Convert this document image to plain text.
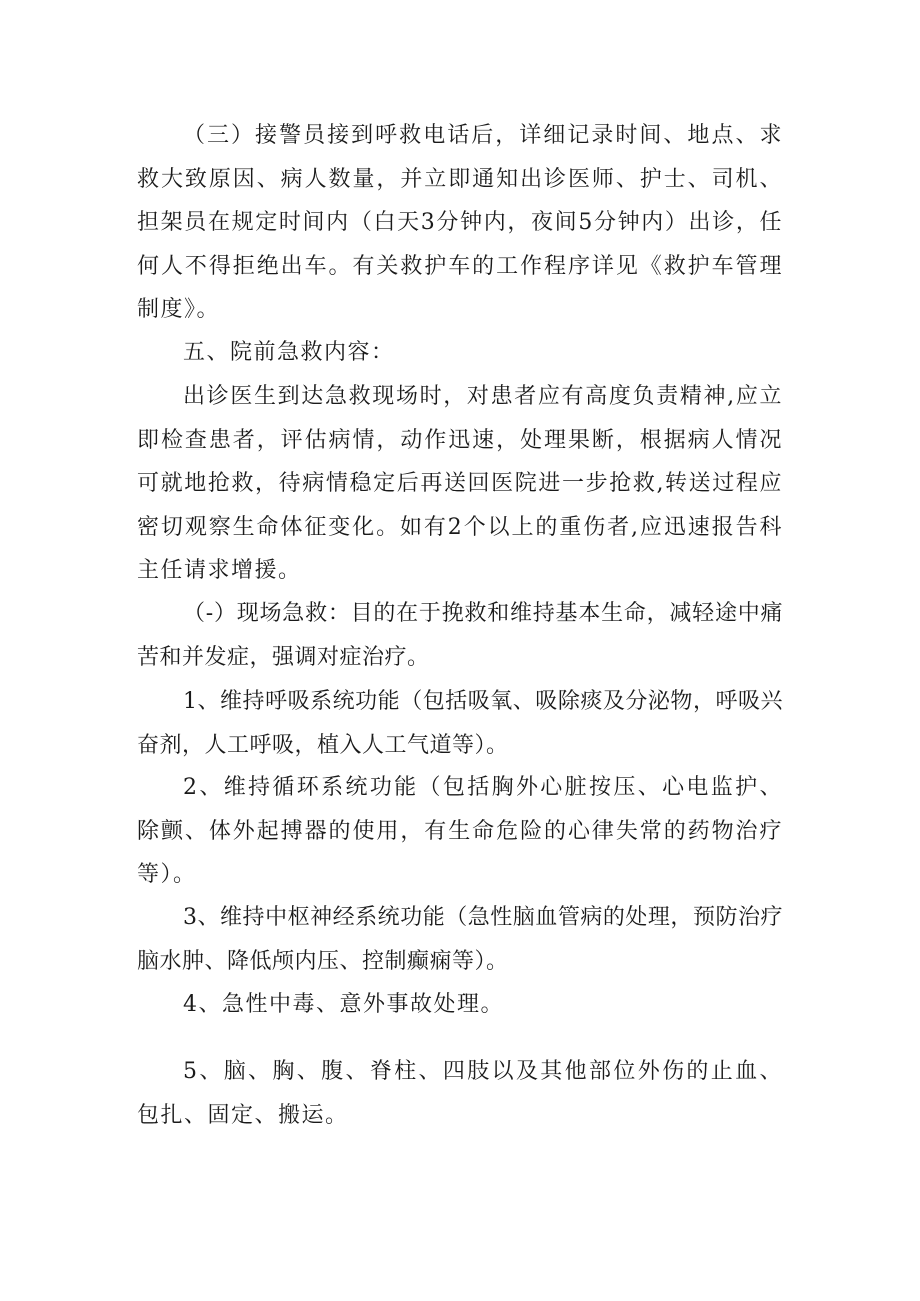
（三）接警员接到呼救电话后，详细记录时间、地点、求救大致原因、病人数量，并立即通知出诊医师、护士、司机、担架员在规定时间内（白天3分钟内，夜间5分钟内）出诊，任何人不得拒绝出车。有关救护车的工作程序详见《救护车管理制度》。

五、院前急救内容：

出诊医生到达急救现场时，对患者应有高度负责精神,应立即检查患者，评估病情，动作迅速，处理果断，根据病人情况可就地抢救，待病情稳定后再送回医院进一步抢救,转送过程应密切观察生命体征变化。如有2个以上的重伤者,应迅速报告科主任请求增援。

（-）现场急救：目的在于挽救和维持基本生命，减轻途中痛苦和并发症，强调对症治疗。

1、维持呼吸系统功能（包括吸氧、吸除痰及分泌物，呼吸兴奋剂，人工呼吸，植入人工气道等）。

2、维持循环系统功能（包括胸外心脏按压、心电监护、除颤、体外起搏器的使用，有生命危险的心律失常的药物治疗等）。

3、维持中枢神经系统功能（急性脑血管病的处理，预防治疗脑水肿、降低颅内压、控制癫痫等）。

4、急性中毒、意外事故处理。

5、脑、胸、腹、脊柱、四肢以及其他部位外伤的止血、包扎、固定、搬运。
